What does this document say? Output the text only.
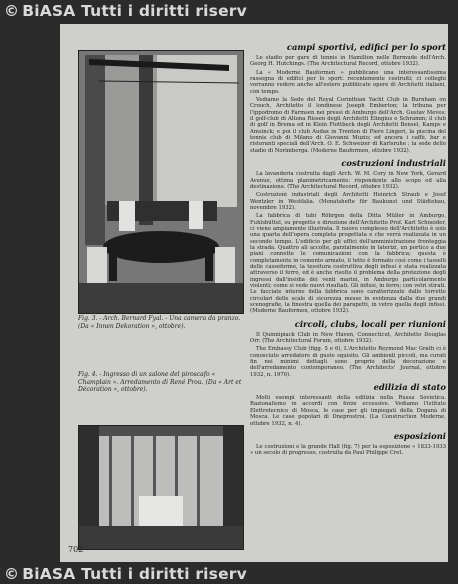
© BiASA Tutti i diritti riserv
Fig. 3. - Arch. Bernard Fyal. - Una camera da pranzo. (Da « Innen Dekoration », ottobre).
Fig. 4. - Ingresso di un salone del piroscafo « Champlain ». Arredamento di René Prou. (Da « Art et Décoration », ottobre).
702
campi sportivi, edifici per lo sport

Lo stadio per gare di tennis in Hamilton nelle Bermude dell'Arch. Georg H. Hutchings. (The Architectural Record, ottobre 1932).

La « Moderne Bauformen » pubblicano una interessantissima rassegna di edifici per lo sport: recentemente costruiti; ci colleghi vorranno vedere anche all'estero pubblicate opere di Architetti italiani, con tempo.

Vediamo la Sede del Royal Corinthian Yacht Club in Burnham on Crouch, Architetto il londinese Joseph Emberton; la tribuna per l'ippodromo di Farmsen nei pressi di Amburgo dell'Arch. Gustav Meves; il golf-club di Altona Rissen degli Architetti Elingius e Schramm; il club di golf in Brema ed in Klein Flottbeck degli Architetti Bensel, Kamps e Amsinck; e poi il club Audax in Trenton di Piero Lingeri, la piscina del tennis club di Milano di Giovanni Muzio; ed ancora i caffè, bar e ristoranti speciali dell'Arch. O. E. Schweizer di Karlsruhe ; la sede dello stadio di Norimberga. (Moderne Bauformen, ottobre 1932).

costruzioni industriali

La lavanderia costruita dagli Arch. W. M. Cory in New York, Gerard Avenue, ottima planimetricamente: rispondente allo scopo ed alla destinazione. (The Architectural Record, ottobre 1932).

Costruzioni industriali degli Architetti Heinrich Straub e Josef Wentzler in Westfalia. (Monatshefte für Baukunst und Städtebau, novembre 1932).

La fabbrica di tubi Röhrgen della Ditta Müller in Amburgo, Fuhlsbüttel, su progetto e direzione dell'Architetto Prof. Karl Schneider, ci viene ampiamente illustrata. Il nuovo complesso dell'Architetto è solo una quarta dell'opera completa progettata e che verrà realizzata in un secondo tempo. L'edificio per gli uffici dell'amministrazione fronteggia la strada. Quattro ali accolte, parzialmente in laterizi, un portico a due piani connette le comunicazioni con la fabbrica; questa è completamente in cemento armato, il tetto è formato così come i tasselli delle casseforme, la tessitura costruttiva degli infissi è stata realizzata attraverso il ferro, ed è anche risolto il problema della protezione degli ingressi dall'insidia dei venti marini, in Amburgo particolarmente violenti; come si vede nuovi risultati. Gli infissi, in ferro; con vetri stirati. Le facciate interne della fabbrica sono caratterizzate dalle torrette circolari delle scale di sicurezza messe in evidenza dalla due grandi scenografie, la finestra quella dei parapetti, in vetro quella degli infissi. (Moderne Bauformen, ottobre 1932).

circoli, clubs, locali per riunioni

Il Quinnipiack Club in New Haven, Connecticut, Architetto Douglas Orr. (The Architectural Forum, ottobre 1932).

The Embassy Club (figg. 5 e 6), L'Architetto Reymond Mac Grath ci è conosciuto arredatore di gusto squisito. Gli ambienti piccoli, ma curati fin nei minimi dettagli sono proprio della decorazione e dell'arredamento contemporaneo. (The Architects' Journal, ottobre 1932, n. 1970).

edilizia di stato

Molti esempi interessanti della edilizia nella Russa Sovietica. Razionalismo in accordi con forze eccessive. Vediamo l'istituto Elettrotecnico di Mosca, le case per gli impiegati della Doganà di Mosca. Le case popolari di Dneprostroi. (La Construction Moderne, ottobre 1932, n. 4).

esposizioni

Le costruzioni e la grande Hall (fig. 7) per la esposizione « 1833-1933 » un secolo di progresso, costruita da Paul Philippe Cret.

© BiASA Tutti i diritti riserv
